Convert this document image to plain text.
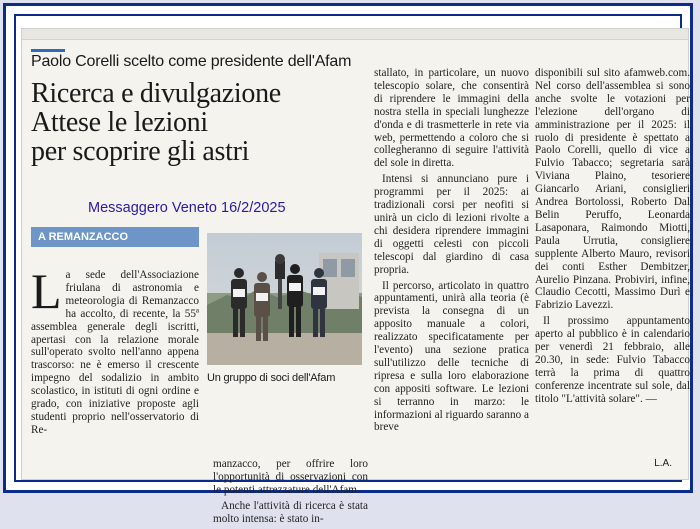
Paolo Corelli scelto come presidente dell'Afam
Ricerca e divulgazione
Attese le lezioni
per scoprire gli astri
Messaggero Veneto 16/2/2025
A REMANZACCO

La sede dell'Associazione friulana di astronomia e meteorologia di Remanzacco ha accolto, di recente, la 55ª assemblea generale degli iscritti, apertasi con la relazione morale sull'operato svolto nell'anno appena trascorso: ne è emerso il crescente impegno del sodalizio in ambito scolastico, in istituti di ogni ordine e grado, con iniziative proposte agli studenti proprio nell'osservatorio di Re-

Un gruppo di soci dell'Afam

manzacco, per offrire loro l'opportunità di osservazioni con le potenti attrezzature dell'Afam.

Anche l'attività di ricerca è stata molto intensa: è stato in-

stallato, in particolare, un nuovo telescopio solare, che consentirà di riprendere le immagini della nostra stella in speciali lunghezze d'onda e di trasmetterle in rete via web, permettendo a coloro che si collegheranno di seguire l'attività del sole in diretta.

Intensi si annunciano pure i programmi per il 2025: ai tradizionali corsi per neofiti si unirà un ciclo di lezioni rivolte a chi desidera riprendere immagini di oggetti celesti con piccoli telescopi dal giardino di casa propria.

Il percorso, articolato in quattro appuntamenti, unirà alla teoria (è prevista la consegna di un apposito manuale a colori, realizzato specificatamente per l'evento) una sezione pratica sull'utilizzo delle tecniche di ripresa e sulla loro elaborazione con appositi software. Le lezioni si terranno in marzo: le informazioni al riguardo saranno a breve

disponibili sul sito afamweb.com. Nel corso dell'assemblea si sono anche svolte le votazioni per l'elezione dell'organo di amministrazione per il 2025: il ruolo di presidente è spettato a Paolo Corelli, quello di vice a Fulvio Tabacco; segretaria sarà Viviana Plaino, tesoriere Giancarlo Ariani, consiglieri Andrea Bortolossi, Roberto Dal Belin Peruffo, Leonarda Lasaponara, Raimondo Miotti, Paula Urrutia, consigliere supplente Alberto Mauro, revisori dei conti Esther Dembitzer, Aurelio Pinzana. Probiviri, infine, Claudio Cecotti, Massimo Durì e Fabrizio Lavezzi.

Il prossimo appuntamento aperto al pubblico è in calendario per venerdì 21 febbraio, alle 20.30, in sede: Fulvio Tabacco terrà la prima di quattro conferenze incentrate sul sole, dal titolo "L'attività solare". —

L.A.
